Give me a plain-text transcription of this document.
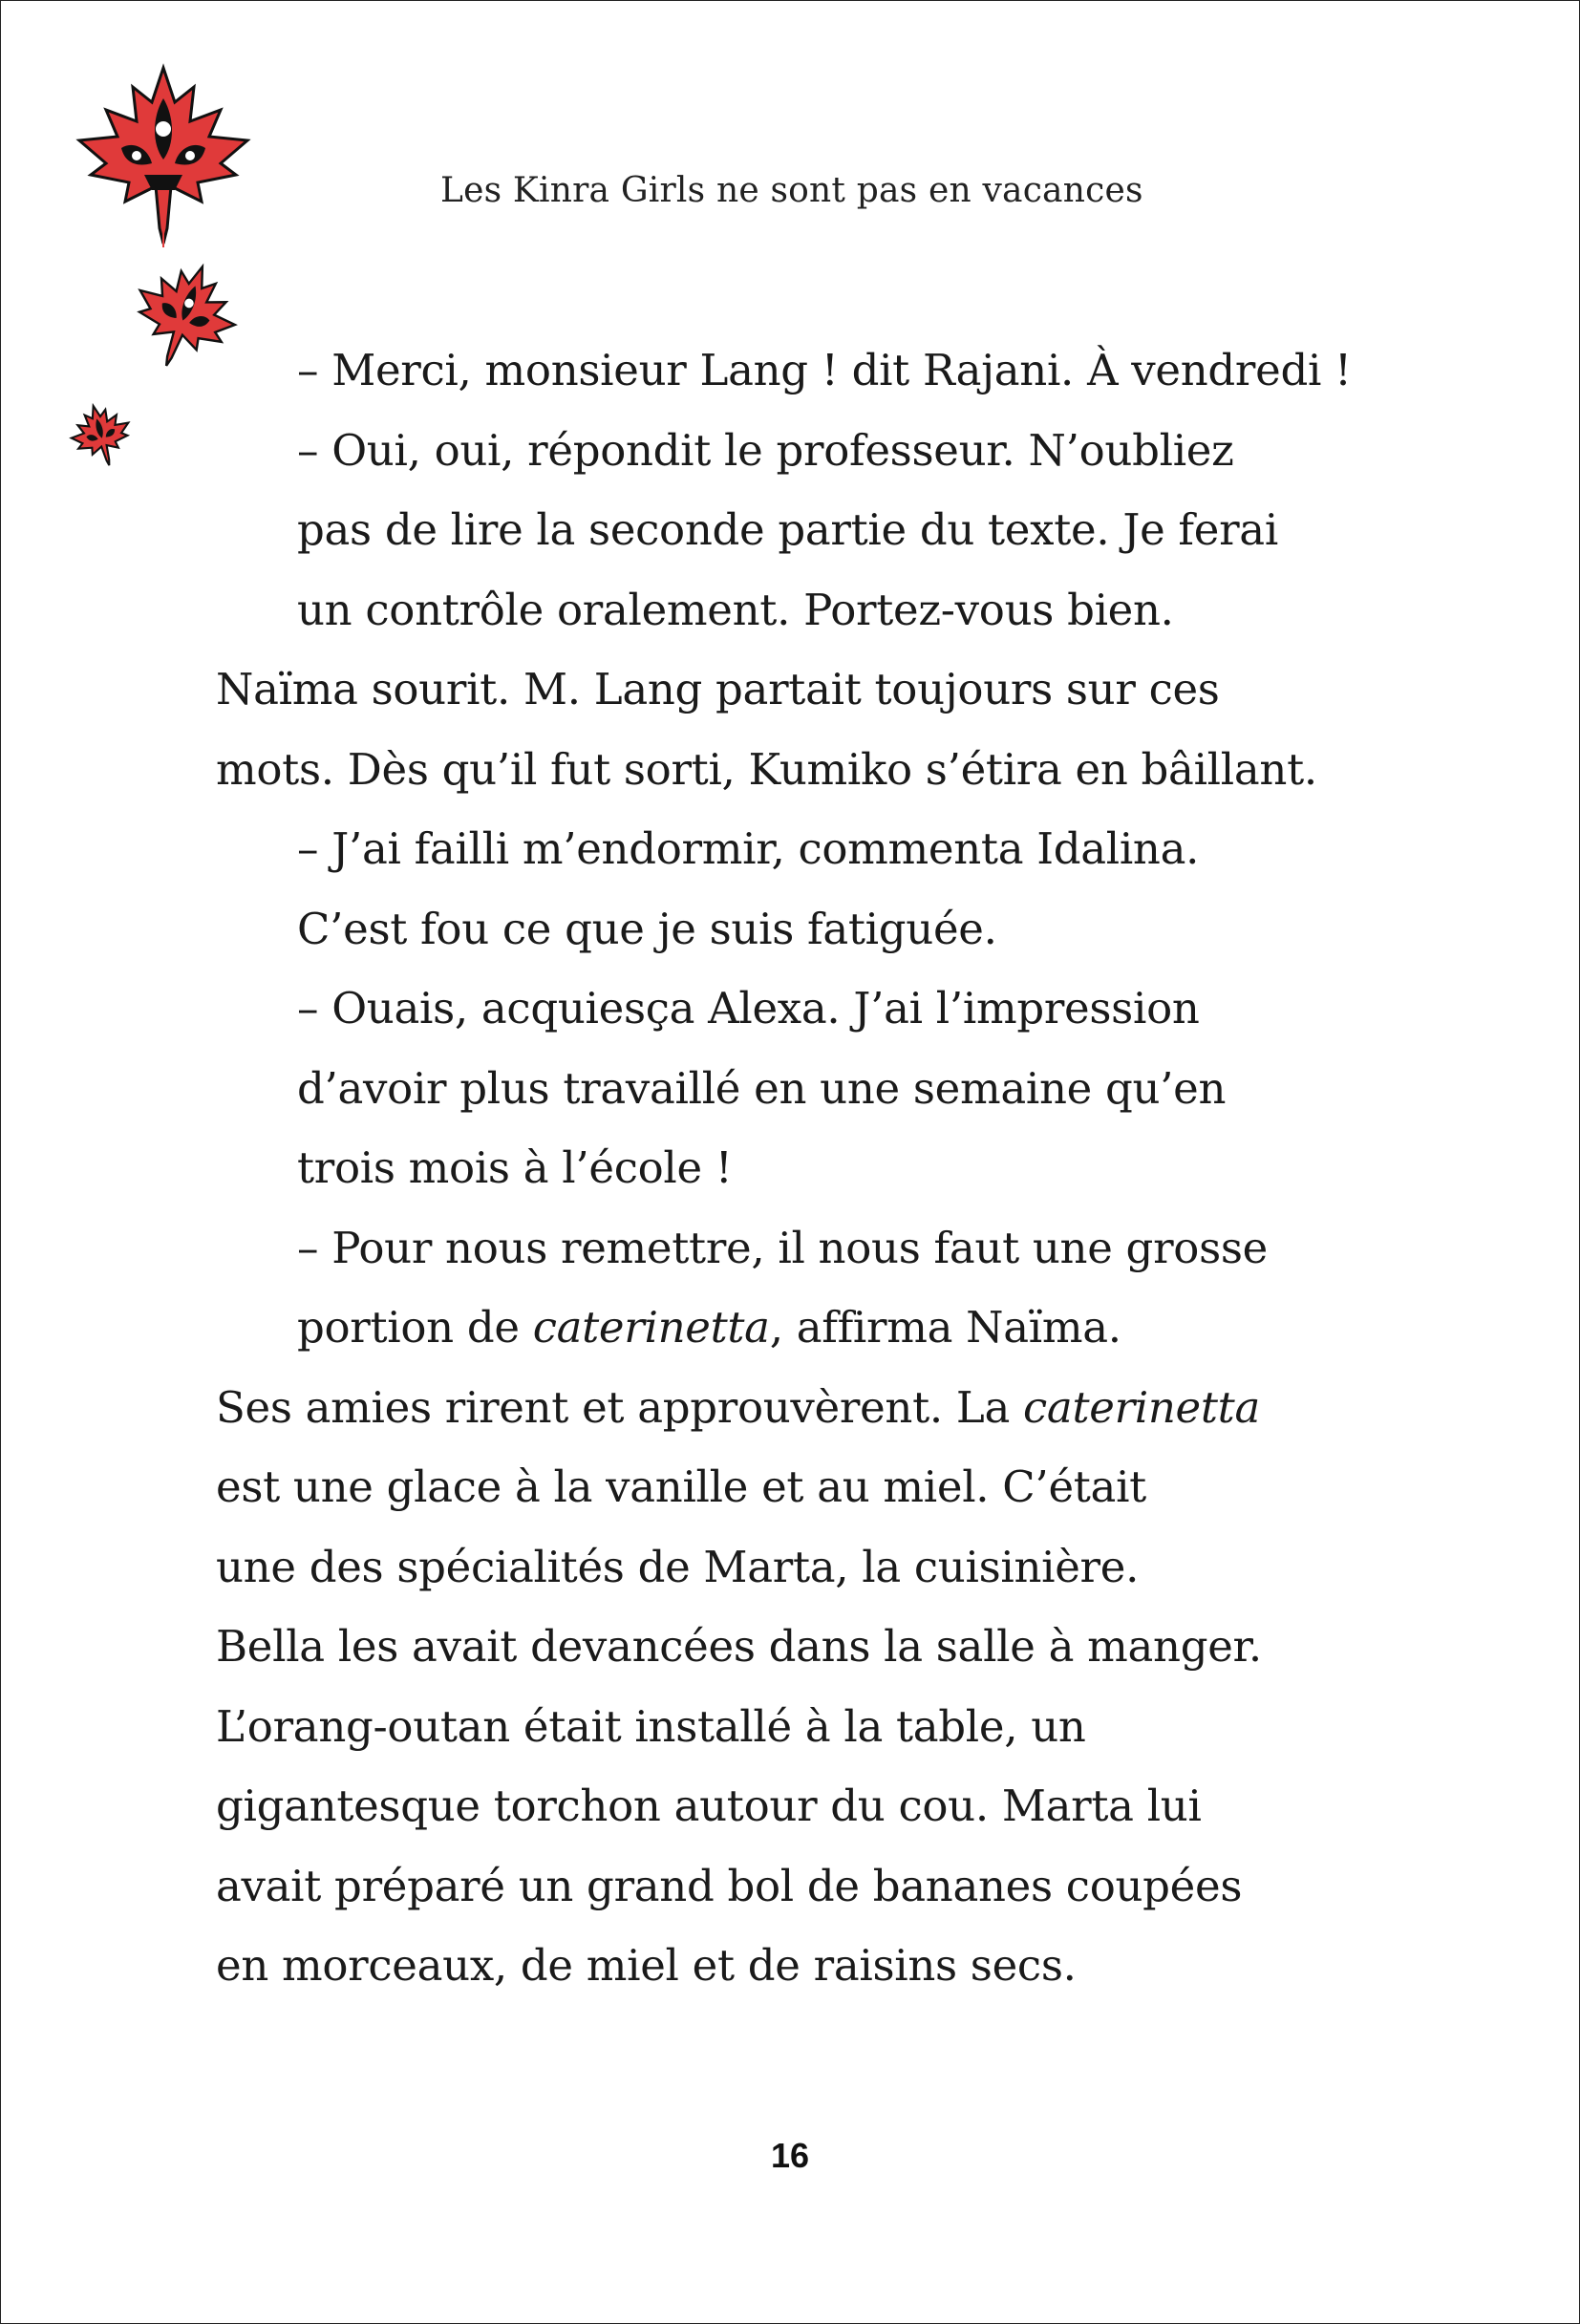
Les Kinra Girls ne sont pas en vacances
– Merci, monsieur Lang ! dit Rajani. À vendredi !
– Oui, oui, répondit le professeur. N’oubliez
pas de lire la seconde partie du texte. Je ferai
un contrôle oralement. Portez-vous bien.
Naïma sourit. M. Lang partait toujours sur ces
mots. Dès qu’il fut sorti, Kumiko s’étira en bâillant.
– J’ai failli m’endormir, commenta Idalina.
C’est fou ce que je suis fatiguée.
– Ouais, acquiesça Alexa. J’ai l’impression
d’avoir plus travaillé en une semaine qu’en
trois mois à l’école !
– Pour nous remettre, il nous faut une grosse
portion de caterinetta, affirma Naïma.
Ses amies rirent et approuvèrent. La caterinetta
est une glace à la vanille et au miel. C’était
une des spécialités de Marta, la cuisinière.
Bella les avait devancées dans la salle à manger.
L’orang-outan était installé à la table, un
gigantesque torchon autour du cou. Marta lui
avait préparé un grand bol de bananes coupées
en morceaux, de miel et de raisins secs.
16
